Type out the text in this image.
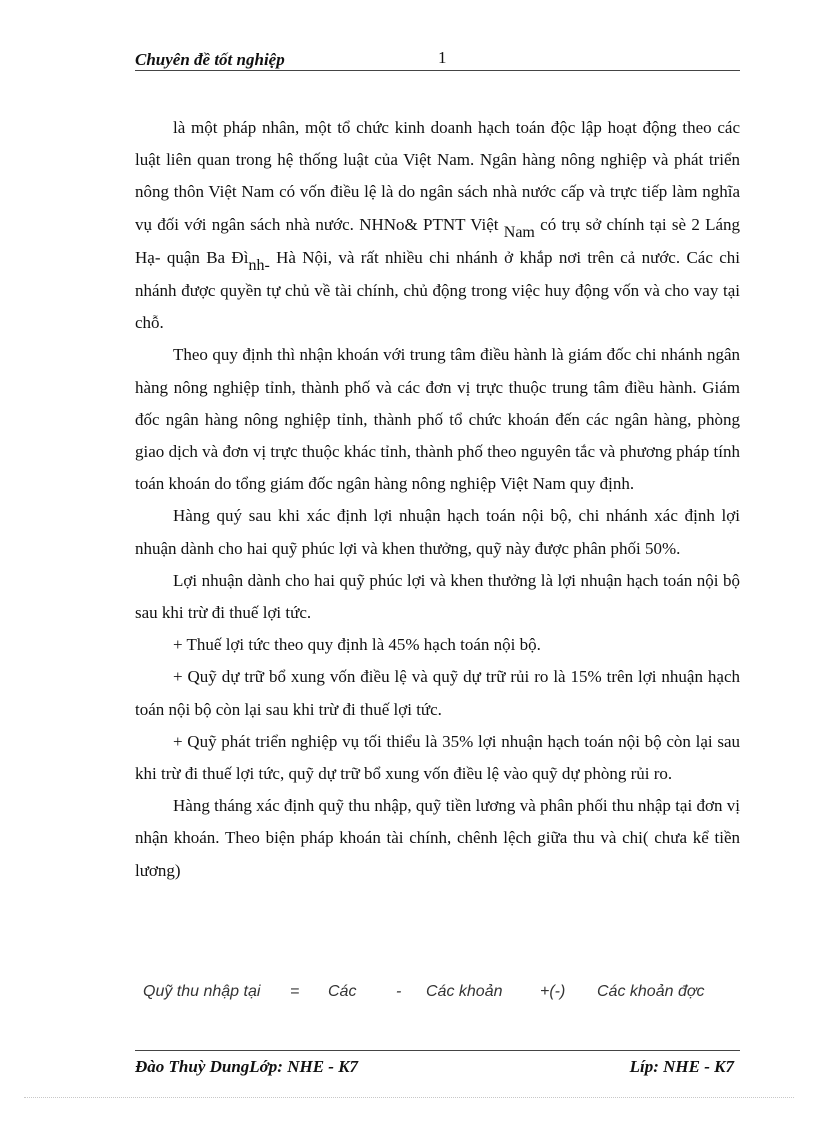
Chuyên đề tốt nghiệp	1

là một pháp nhân, một tổ chức kinh doanh hạch toán độc lập hoạt động theo các luật liên quan trong hệ thống luật của Việt Nam. Ngân hàng nông nghiệp và phát triển nông thôn Việt Nam có vốn điều lệ là do ngân sách nhà nước cấp và trực tiếp làm nghĩa vụ đối với ngân sách nhà nước. NHNo& PTNT Việt Nam có trụ sở chính tại sè 2 Láng Hạ- quận Ba Đình- Hà Nội, và rất nhiều chi nhánh ở khắp nơi trên cả nước. Các chi nhánh được quyền tự chủ về tài chính, chủ động trong việc huy động vốn và cho vay tại chỗ.

Theo quy định thì nhận khoán với trung tâm điều hành là giám đốc chi nhánh ngân hàng nông nghiệp tỉnh, thành phố và các đơn vị trực thuộc trung tâm điều hành. Giám đốc ngân hàng nông nghiệp tỉnh, thành phố tổ chức khoán đến các ngân hàng, phòng giao dịch và đơn vị trực thuộc khác tỉnh, thành phố theo nguyên tắc và phương pháp tính toán khoán do tổng giám đốc ngân hàng nông nghiệp Việt Nam quy định.

Hàng quý sau khi xác định lợi nhuận hạch toán nội bộ, chi nhánh xác định lợi nhuận dành cho hai quỹ phúc lợi và khen thưởng, quỹ này được phân phối 50%.

Lợi nhuận dành cho hai quỹ phúc lợi và khen thưởng là lợi nhuận hạch toán nội bộ sau khi trừ đi thuế lợi tức.

+ Thuế lợi tức theo quy định là 45% hạch toán nội bộ.

+ Quỹ dự trữ bổ xung vốn điều lệ và quỹ dự trữ rủi ro là 15% trên lợi nhuận hạch toán nội bộ còn lại sau khi trừ đi thuế lợi tức.

+ Quỹ phát triển nghiệp vụ tối thiểu là 35% lợi nhuận hạch toán nội bộ còn lại sau khi trừ đi thuế lợi tức, quỹ dự trữ bổ xung vốn điều lệ vào quỹ dự phòng rủi ro.

Hàng tháng xác định quỹ thu nhập, quỹ tiền lương và phân phối thu nhập tại đơn vị nhận khoán. Theo biện pháp khoán tài chính, chênh lệch giữa thu và chi( chưa kể tiền lương)

Quỹ thu nhập tại = Các - Các khoản +(-) Các khoản đợc
Đào Thuỳ DungLớp: NHE - K7	Líp: NHE - K7
